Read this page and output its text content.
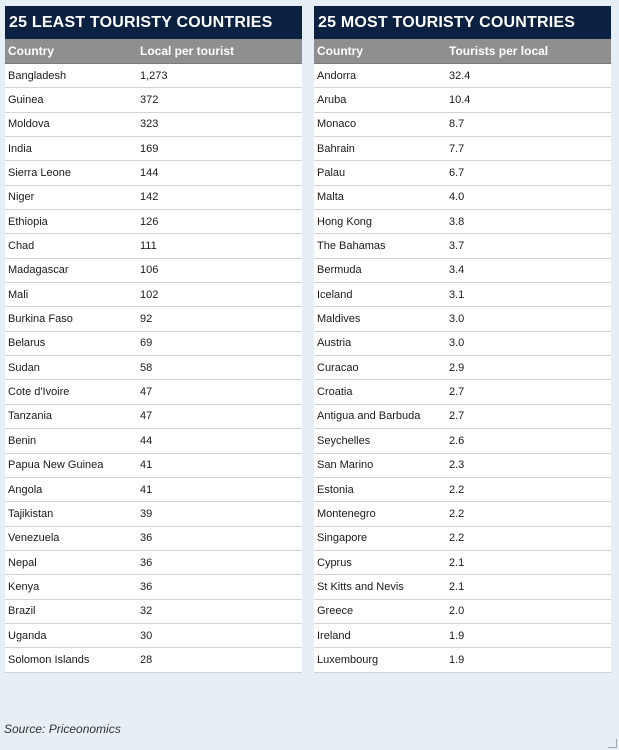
25 LEAST TOURISTY COUNTRIES
Country	Local per tourist
Bangladesh	1,273
Guinea	372
Moldova	323
India	169
Sierra Leone	144
Niger	142
Ethiopia	126
Chad	111
Madagascar	106
Mali	102
Burkina Faso	92
Belarus	69
Sudan	58
Cote d'Ivoire	47
Tanzania	47
Benin	44
Papua New Guinea	41
Angola	41
Tajikistan	39
Venezuela	36
Nepal	36
Kenya	36
Brazil	32
Uganda	30
Solomon Islands	28
25 MOST TOURISTY COUNTRIES
Country	Tourists per local
Andorra	32.4
Aruba	10.4
Monaco	8.7
Bahrain	7.7
Palau	6.7
Malta	4.0
Hong Kong	3.8
The Bahamas	3.7
Bermuda	3.4
Iceland	3.1
Maldives	3.0
Austria	3.0
Curacao	2.9
Croatia	2.7
Antigua and Barbuda	2.7
Seychelles	2.6
San Marino	2.3
Estonia	2.2
Montenegro	2.2
Singapore	2.2
Cyprus	2.1
St Kitts and Nevis	2.1
Greece	2.0
Ireland	1.9
Luxembourg	1.9
Source: Priceonomics
